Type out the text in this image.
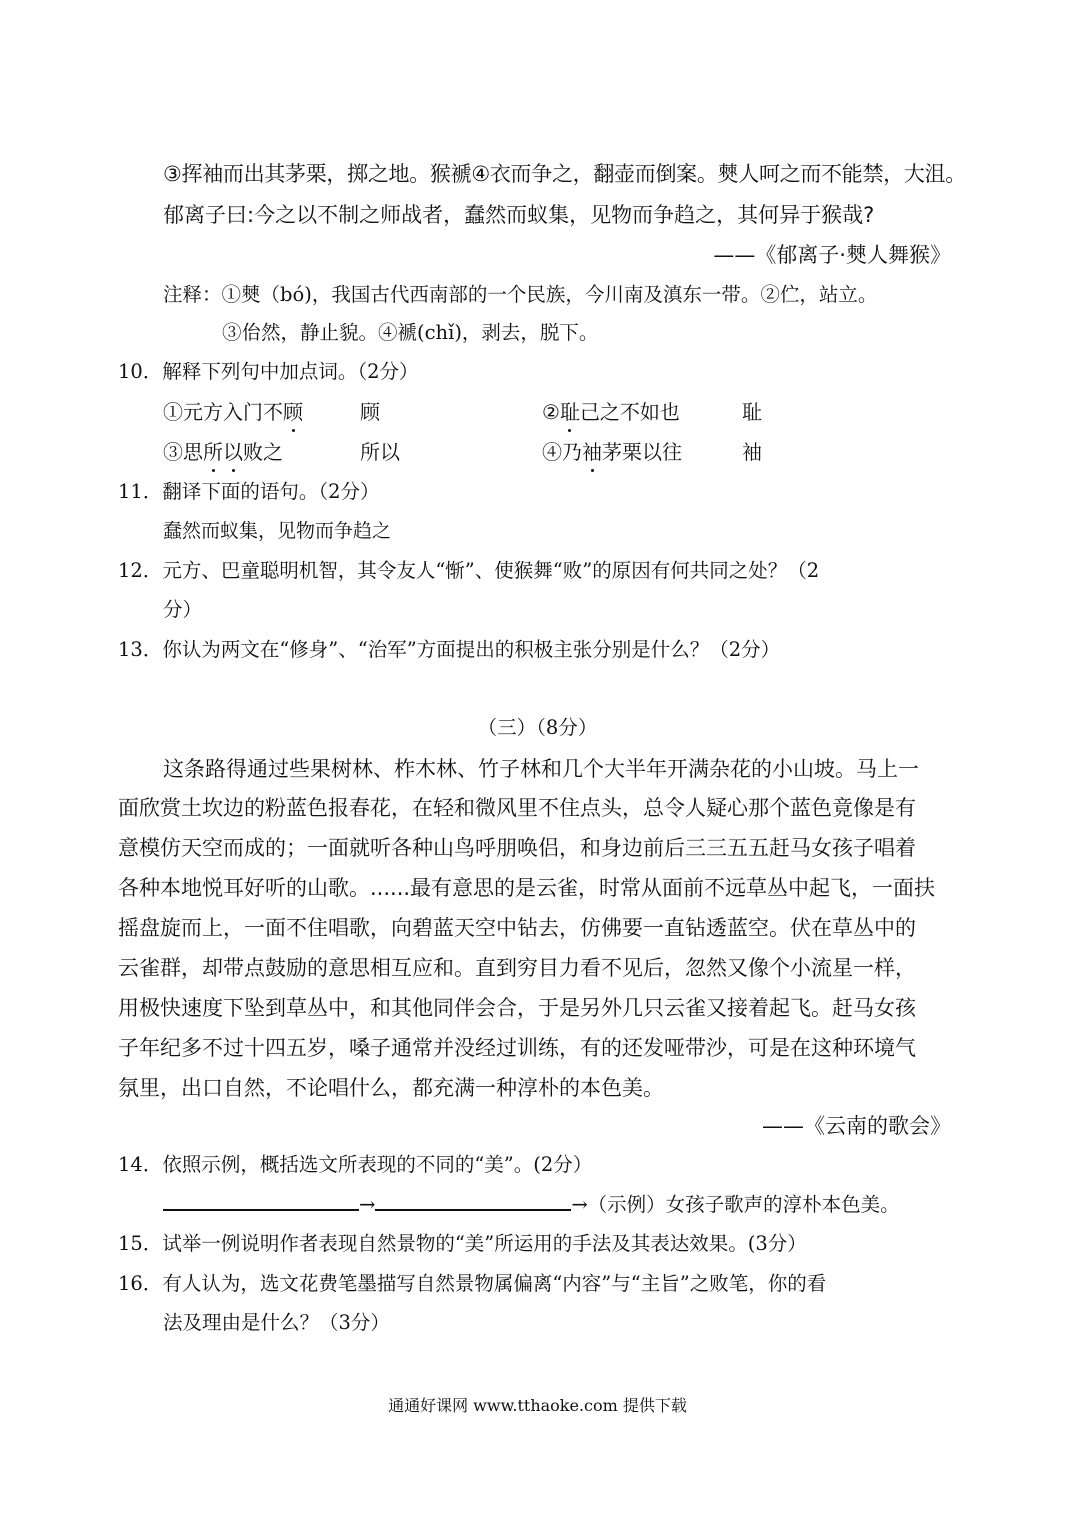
③挥袖而出其茅栗，掷之地。猴褫④衣而争之，翻壶而倒案。僰人呵之而不能禁，大沮。
郁离子曰:今之以不制之师战者，蠢然而蚁集，见物而争趋之，其何异于猴哉?
——《郁离子·僰人舞猴》
注释：①僰（bó)，我国古代西南部的一个民族，今川南及滇东一带。②伫，站立。
③佁然，静止貌。④褫(chǐ)，剥去，脱下。
10．解释下列句中加点词。（2分）
①元方入门不顾	顾	②耻己之不如也	耻
③思所以败之	所以	④乃袖茅栗以往	袖
11．翻译下面的语句。（2分）
蠢然而蚁集，见物而争趋之
12．元方、巴童聪明机智，其令友人“惭”、使猴舞“败”的原因有何共同之处？（2
分）
13．你认为两文在“修身”、“治军”方面提出的积极主张分别是什么？（2分）
（三）（8分）
这条路得通过些果树林、柞木林、竹子林和几个大半年开满杂花的小山坡。马上一
面欣赏土坎边的粉蓝色报春花，在轻和微风里不住点头，总令人疑心那个蓝色竟像是有
意模仿天空而成的；一面就听各种山鸟呼朋唤侣，和身边前后三三五五赶马女孩子唱着
各种本地悦耳好听的山歌。......最有意思的是云雀，时常从面前不远草丛中起飞，一面扶
摇盘旋而上，一面不住唱歌，向碧蓝天空中钻去，仿佛要一直钻透蓝空。伏在草丛中的
云雀群，却带点鼓励的意思相互应和。直到穷目力看不见后，忽然又像个小流星一样，
用极快速度下坠到草丛中，和其他同伴会合，于是另外几只云雀又接着起飞。赶马女孩
子年纪多不过十四五岁，嗓子通常并没经过训练，有的还发哑带沙，可是在这种环境气
氛里，出口自然，不论唱什么，都充满一种淳朴的本色美。
——《云南的歌会》
14．依照示例，概括选文所表现的不同的“美”。(2分）
→	→（示例）女孩子歌声的淳朴本色美。
15．试举一例说明作者表现自然景物的“美”所运用的手法及其表达效果。(3分）
16．有人认为，选文花费笔墨描写自然景物属偏离“内容”与“主旨”之败笔，你的看
法及理由是什么？（3分）
通通好课网 www.tthaoke.com 提供下载
